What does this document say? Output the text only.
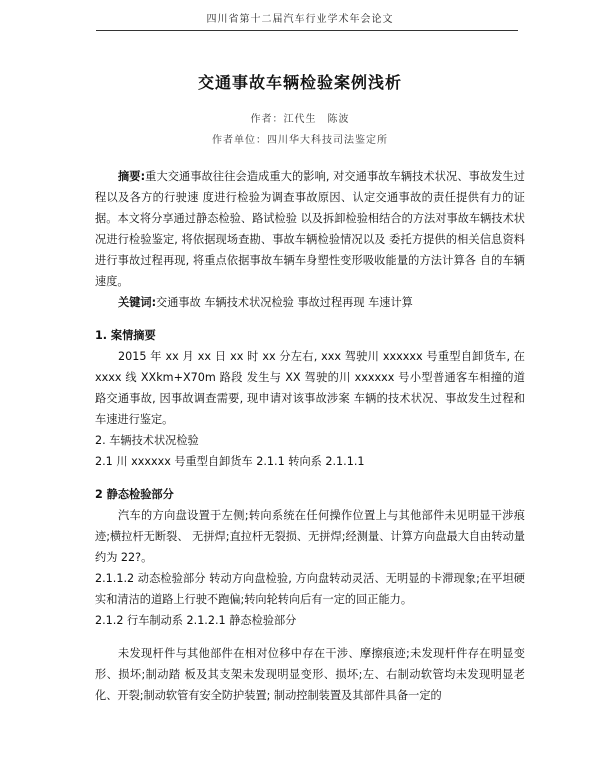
四川省第十二届汽车行业学术年会论文
交通事故车辆检验案例浅析
作者：江代生　陈波
作者单位：四川华大科技司法鉴定所

摘要:重大交通事故往往会造成重大的影响, 对交通事故车辆技术状况、事故发生过程以及各方的行驶速 度进行检验为调查事故原因、认定交通事故的责任提供有力的证据。本文将分享通过静态检验、路试检验 以及拆卸检验相结合的方法对事故车辆技术状况进行检验鉴定, 将依据现场查勘、事故车辆检验情况以及 委托方提供的相关信息资料进行事故过程再现, 将重点依据事故车辆车身塑性变形吸收能量的方法计算各 自的车辆速度。

关键词:交通事故 车辆技术状况检验 事故过程再现 车速计算

1. 案情摘要

2015 年 xx 月 xx 日 xx 时 xx 分左右, xxx 驾驶川 xxxxxx 号重型自卸货车, 在 xxxx 线 XXkm+X70m 路段 发生与 XX 驾驶的川 xxxxxx 号小型普通客车相撞的道路交通事故, 因事故调查需要, 现申请对该事故涉案 车辆的技术状况、事故发生过程和车速进行鉴定。

2. 车辆技术状况检验

2.1 川 xxxxxx 号重型自卸货车 2.1.1 转向系 2.1.1.1

2 静态检验部分

汽车的方向盘设置于左侧;转向系统在任何操作位置上与其他部件未见明显干涉痕迹;横拉杆无断裂、 无拼焊;直拉杆无裂损、无拼焊;经测量、计算方向盘最大自由转动量约为 22?。

2.1.1.2 动态检验部分 转动方向盘检验, 方向盘转动灵活、无明显的卡滞现象;在平坦硬实和清洁的道路上行驶不跑偏;转向轮转向后有一定的回正能力。

2.1.2 行车制动系 2.1.2.1 静态检验部分

未发现杆件与其他部件在相对位移中存在干涉、摩擦痕迹;未发现杆件存在明显变形、损坏;制动踏 板及其支架未发现明显变形、损坏;左、右制动软管均未发现明显老化、开裂;制动软管有安全防护装置; 制动控制装置及其部件具备一定的
